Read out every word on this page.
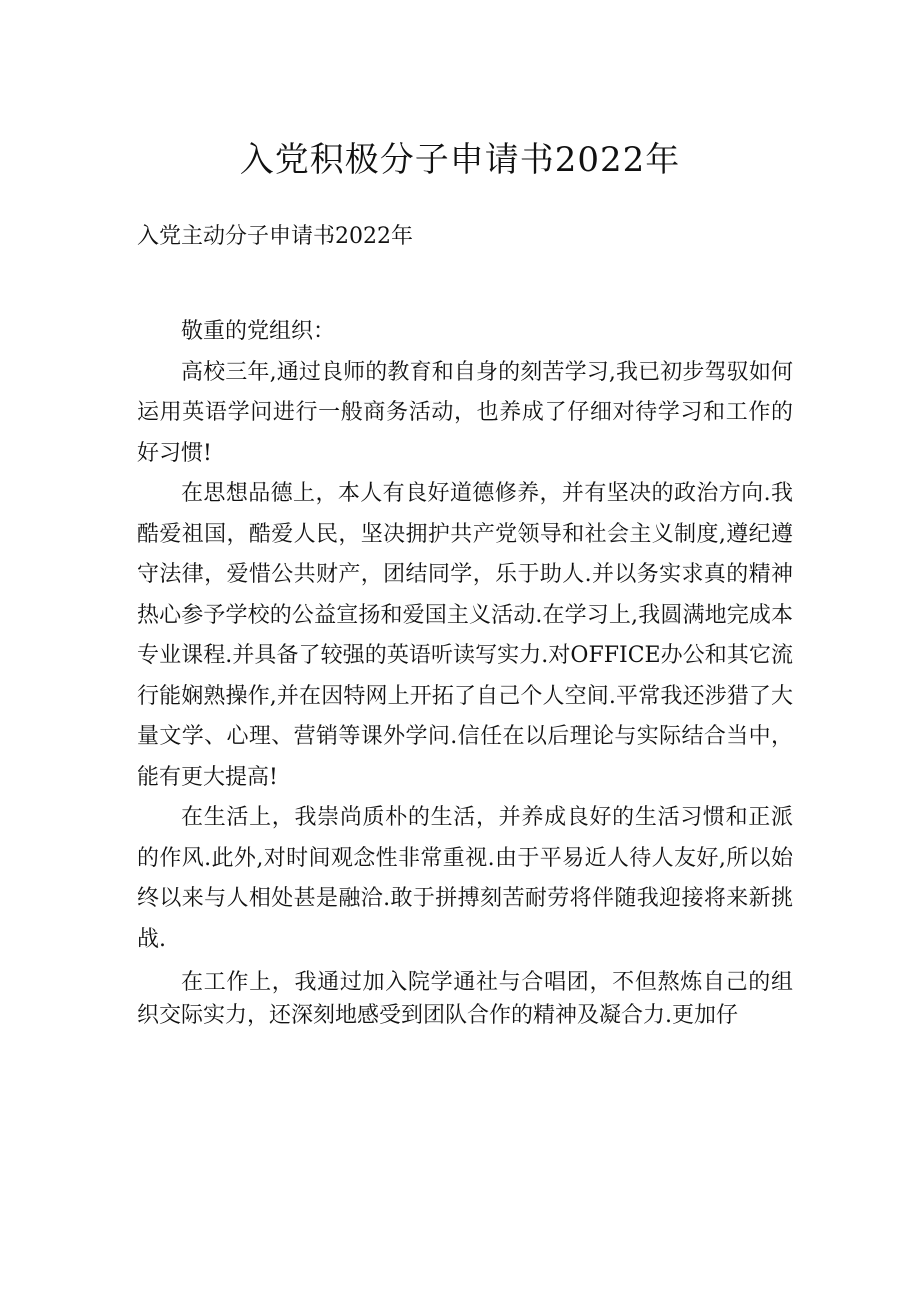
入党积极分子申请书2022年
入党主动分子申请书2022年

敬重的党组织：

高校三年,通过良师的教育和自身的刻苦学习,我已初步驾驭如何运用英语学问进行一般商务活动，也养成了仔细对待学习和工作的好习惯!

在思想品德上，本人有良好道德修养，并有坚决的政治方向.我酷爱祖国，酷爱人民，坚决拥护共产党领导和社会主义制度,遵纪遵守法律，爱惜公共财产，团结同学，乐于助人.并以务实求真的精神热心参予学校的公益宣扬和爱国主义活动.在学习上,我圆满地完成本专业课程.并具备了较强的英语听读写实力.对OFFICE办公和其它流行能娴熟操作,并在因特网上开拓了自己个人空间.平常我还涉猎了大量文学、心理、营销等课外学问.信任在以后理论与实际结合当中，能有更大提高!

在生活上，我崇尚质朴的生活，并养成良好的生活习惯和正派的作风.此外,对时间观念性非常重视.由于平易近人待人友好,所以始终以来与人相处甚是融洽.敢于拼搏刻苦耐劳将伴随我迎接将来新挑战.

在工作上，我通过加入院学通社与合唱团，不但熬炼自己的组织交际实力，还深刻地感受到团队合作的精神及凝合力.更加仔
